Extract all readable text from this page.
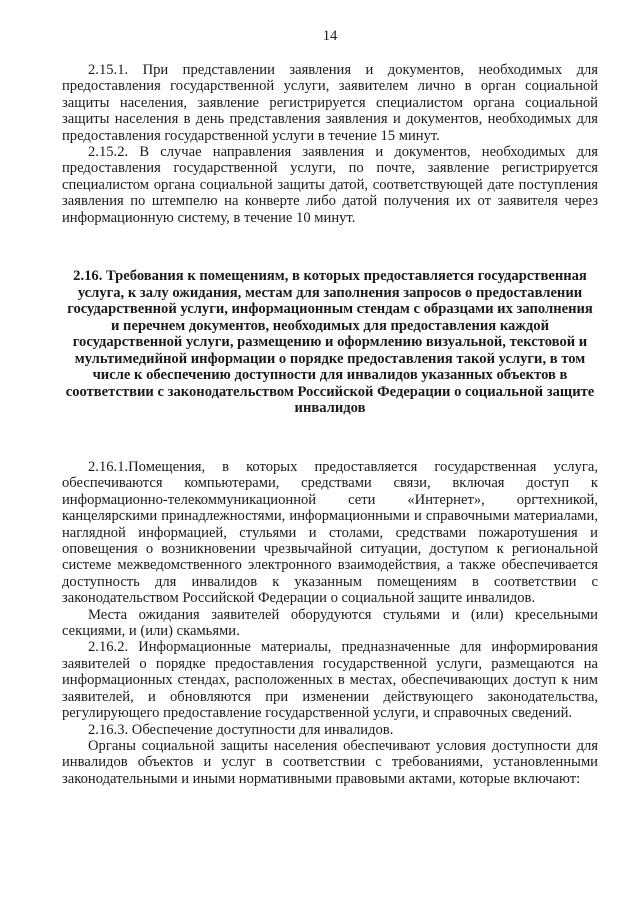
14

2.15.1. При представлении заявления и документов, необходимых для предоставления государственной услуги, заявителем лично в орган социальной защиты населения, заявление регистрируется специалистом органа социальной защиты населения в день представления заявления и документов, необходимых для предоставления государственной услуги в течение 15 минут.

2.15.2. В случае направления заявления и документов, необходимых для предоставления государственной услуги, по почте, заявление регистрируется специалистом органа социальной защиты датой, соответствующей дате поступления заявления по штемпелю на конверте либо датой получения их от заявителя через информационную систему, в течение 10 минут.

2.16. Требования к помещениям, в которых предоставляется государственная услуга, к залу ожидания, местам для заполнения запросов о предоставлении государственной услуги, информационным стендам с образцами их заполнения и перечнем документов, необходимых для предоставления каждой государственной услуги, размещению и оформлению визуальной, текстовой и мультимедийной информации о порядке предоставления такой услуги, в том числе к обеспечению доступности для инвалидов указанных объектов в соответствии с законодательством Российской Федерации о социальной защите инвалидов

2.16.1.Помещения, в которых предоставляется государственная услуга, обеспечиваются компьютерами, средствами связи, включая доступ к информационно-телекоммуникационной сети «Интернет», оргтехникой, канцелярскими принадлежностями, информационными и справочными материалами, наглядной информацией, стульями и столами, средствами пожаротушения и оповещения о возникновении чрезвычайной ситуации, доступом к региональной системе межведомственного электронного взаимодействия, а также обеспечивается доступность для инвалидов к указанным помещениям в соответствии с законодательством Российской Федерации о социальной защите инвалидов.

Места ожидания заявителей оборудуются стульями и (или) кресельными секциями, и (или) скамьями.

2.16.2. Информационные материалы, предназначенные для информирования заявителей о порядке предоставления государственной услуги, размещаются на информационных стендах, расположенных в местах, обеспечивающих доступ к ним заявителей, и обновляются при изменении действующего законодательства, регулирующего предоставление государственной услуги, и справочных сведений.

2.16.3. Обеспечение доступности для инвалидов.

Органы социальной защиты населения обеспечивают условия доступности для инвалидов объектов и услуг в соответствии с требованиями, установленными законодательными и иными нормативными правовыми актами, которые включают:
